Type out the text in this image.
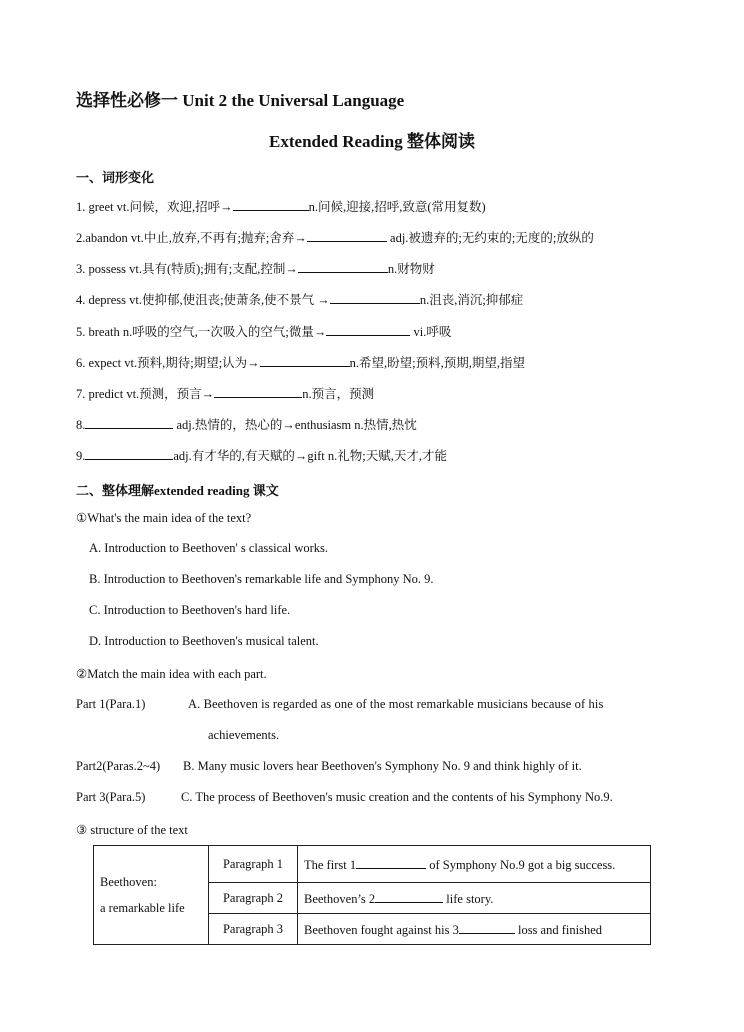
选择性必修一 Unit 2 the Universal Language
Extended Reading 整体阅读
一、词形变化
1. greet vt.问候，欢迎,招呼→	n.问候,迎接,招呼,致意(常用复数)
2.abandon vt.中止,放弃,不再有;抛弃;舍弃→	adj.被遗弃的;无约束的;无度的;放纵的
3. possess vt.具有(特质);拥有;支配,控制→	n.财物财
4. depress vt.使抑郁,使沮丧;使萧条,使不景气 →	n.沮丧,消沉;抑郁症
5. breath n.呼吸的空气,一次吸入的空气;微量→	vi.呼吸
6. expect vt.预料,期待;期望;认为→	n.希望,盼望;预料,预期,期望,指望
7. predict vt.预测，预言→	n.预言，预测
8.	adj.热情的，热心的→enthusiasm n.热情,热忱
9.	adj.有才华的,有天赋的→gift n.礼物;天赋,天才,才能
二、整体理解extended reading 课文
①What's the main idea of the text?
A. Introduction to Beethoven' s classical works.
B. Introduction to Beethoven's remarkable life and Symphony No. 9.
C. Introduction to Beethoven's hard life.
D. Introduction to Beethoven's musical talent.
②Match the main idea with each part.
Part 1(Para.1)	A. Beethoven is regarded as one of the most remarkable musicians because of his
achievements.
Part2(Paras.2~4) B. Many music lovers hear Beethoven's Symphony No. 9 and think highly of it.
Part 3(Para.5)	C. The process of Beethoven's music creation and the contents of his Symphony No.9.
③ structure of the text
Beethoven:
a remarkable life	Paragraph 1	The first 1 of Symphony No.9 got a big success.
	Paragraph 2	Beethoven’s 2 life story.
	Paragraph 3	Beethoven fought against his 3 loss and finished
